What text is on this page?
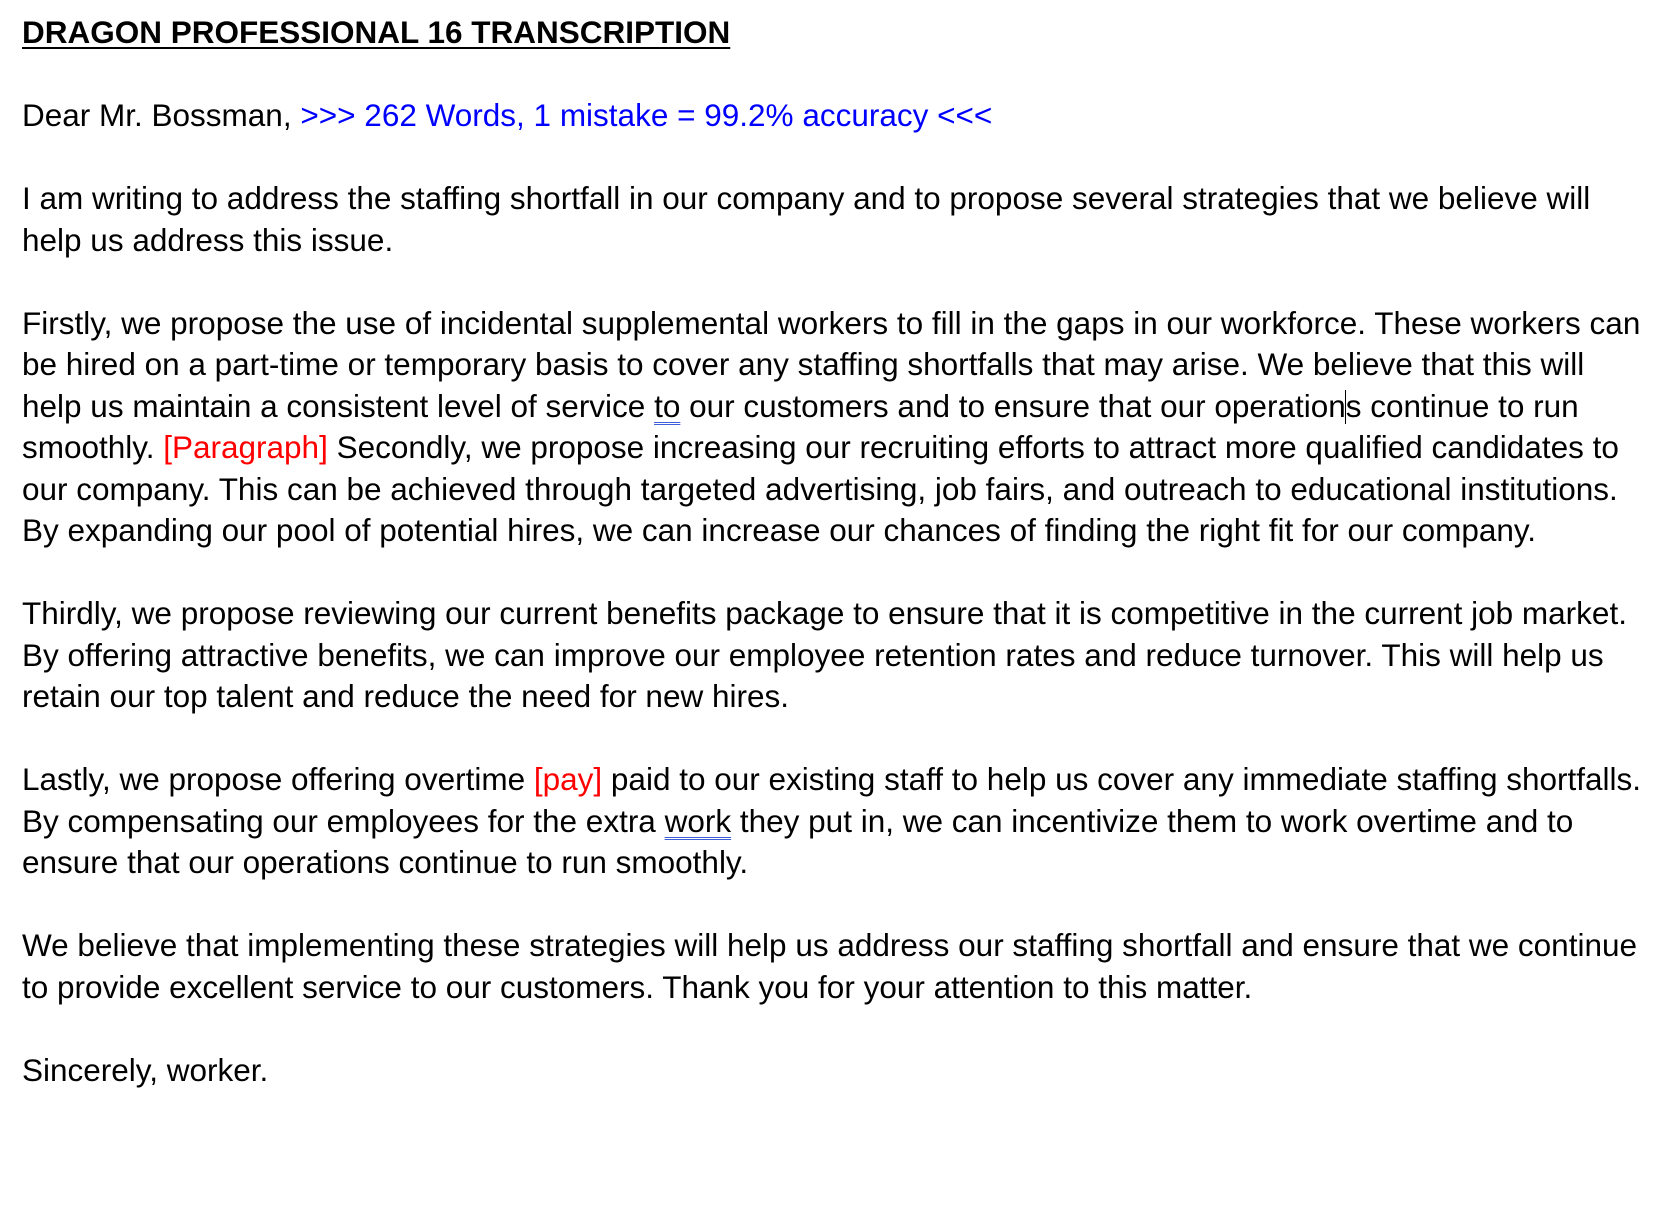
DRAGON PROFESSIONAL 16 TRANSCRIPTION

Dear Mr. Bossman, >>> 262 Words, 1 mistake = 99.2% accuracy <<<

I am writing to address the staffing shortfall in our company and to propose several strategies that we believe will help us address this issue.

Firstly, we propose the use of incidental supplemental workers to fill in the gaps in our workforce. These workers can be hired on a part-time or temporary basis to cover any staffing shortfalls that may arise. We believe that this will help us maintain a consistent level of service to our customers and to ensure that our operations continue to run smoothly. [Paragraph] Secondly, we propose increasing our recruiting efforts to attract more qualified candidates to our company. This can be achieved through targeted advertising, job fairs, and outreach to educational institutions. By expanding our pool of potential hires, we can increase our chances of finding the right fit for our company.

Thirdly, we propose reviewing our current benefits package to ensure that it is competitive in the current job market. By offering attractive benefits, we can improve our employee retention rates and reduce turnover. This will help us retain our top talent and reduce the need for new hires.

Lastly, we propose offering overtime [pay] paid to our existing staff to help us cover any immediate staffing shortfalls. By compensating our employees for the extra work they put in, we can incentivize them to work overtime and to ensure that our operations continue to run smoothly.

We believe that implementing these strategies will help us address our staffing shortfall and ensure that we continue to provide excellent service to our customers. Thank you for your attention to this matter.

Sincerely, worker.
